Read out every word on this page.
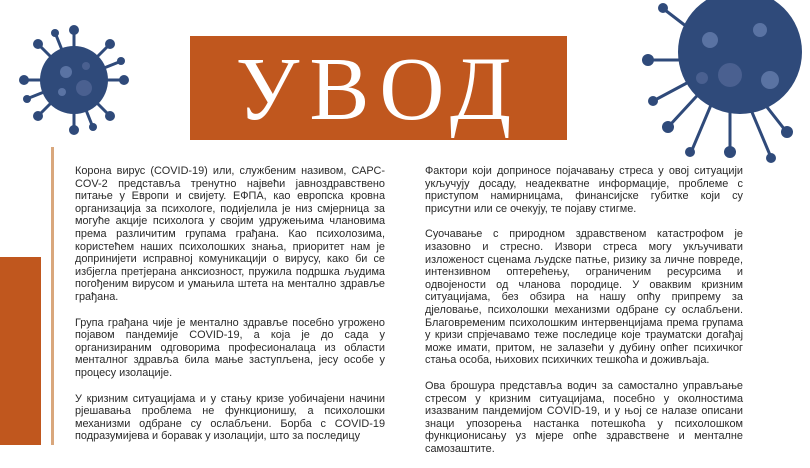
УВОД

Корона вирус (COVID-19) или, службеним називом, САРС-COV-2 представља тренутно највећи јавноздравствено питање у Европи и свијету. ЕФПА, као европска кровна организација за психологе, подијелила је низ смјерница за могуће акције психолога у својим удружењима члановима према различитим групама грађана. Као психолозима, користећем наших психолошких знања, приоритет нам је допринијети исправној комуникацији о вирусу, како би се избјегла претјерана анксиозност, пружила подршка људима погођеним вирусом и умањила штета на ментално здравље грађана.

Група грађана чије је ментално здравље посебно угрожено појавом пандемије COVID-19, а која је до сада у организираним одговорима професионалаца из области менталног здравља била мање заступљена, јесу особе у процесу изолације.

У кризним ситуацијама и у стању кризе уобичајени начини рјешавања проблема не функционишу, а психолошки механизми одбране су ослабљени. Борба с COVID-19 подразумијева и боравак у изолацији, што за последицу

Фактори који доприносе појачавању стреса у овој ситуацији укључују досаду, неадекватне информације, проблеме с приступом намирницама, финансијске губитке који су присутни или се очекују, те појаву стигме.

Суочавање с природном здравственом катастрофом је изазовно и стресно. Извори стреса могу укључивати изложеност сценама људске патње, ризику за личне повреде, интензивном оптерећењу, ограниченим ресурсима и одвојености од чланова породице. У оваквим кризним ситуацијама, без обзира на нашу опћу припрему за дјеловање, психолошки механизми одбране су ослабљени. Благовременим психолошким интервенцијама према групама у кризи спрјечавамо теже последице које трауматски догађај може имати, притом, не залазећи у дубину опћег психичког стања особа, њихових психичких тешкоћа и доживљаја.

Ова брошура представља водич за самостално управљање стресом у кризним ситуацијама, посебно у околностима изазваним пандемијом COVID-19, и у њој се налазе описани знаци упозорења настанка потешкоћа у психолошком функционисању уз мјере опће здравствене и менталне самозаштите.
